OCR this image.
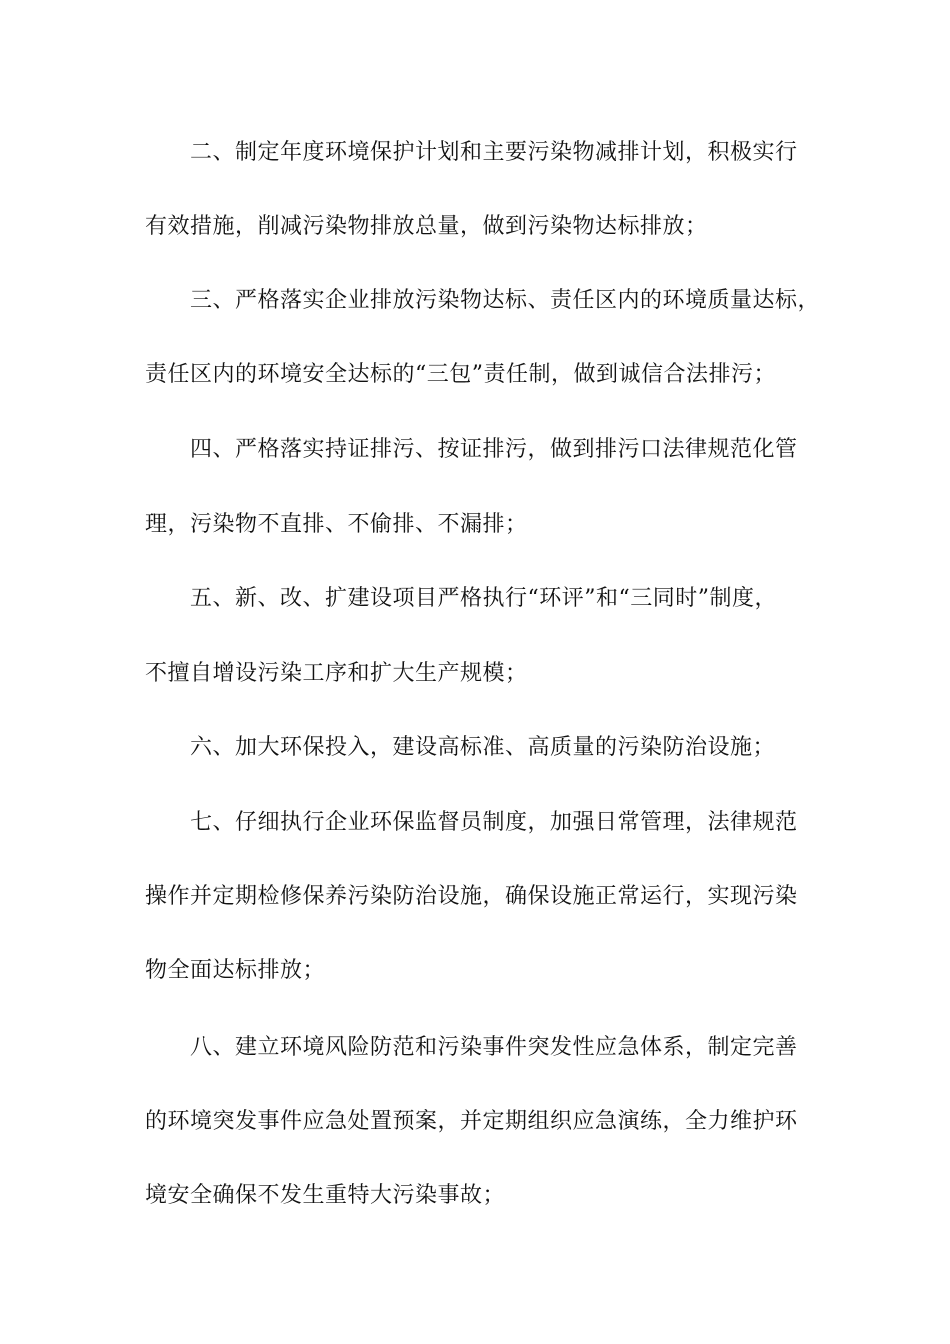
二、制定年度环境保护计划和主要污染物减排计划，积极实行
有效措施，削减污染物排放总量，做到污染物达标排放；
三、严格落实企业排放污染物达标、责任区内的环境质量达标，
责任区内的环境安全达标的“三包”责任制，做到诚信合法排污；
四、严格落实持证排污、按证排污，做到排污口法律规范化管
理，污染物不直排、不偷排、不漏排；
五、新、改、扩建设项目严格执行“环评”和“三同时”制度，
不擅自增设污染工序和扩大生产规模；
六、加大环保投入，建设高标准、高质量的污染防治设施；
七、仔细执行企业环保监督员制度，加强日常管理，法律规范
操作并定期检修保养污染防治设施，确保设施正常运行，实现污染
物全面达标排放；
八、建立环境风险防范和污染事件突发性应急体系，制定完善
的环境突发事件应急处置预案，并定期组织应急演练，全力维护环
境安全确保不发生重特大污染事故；
